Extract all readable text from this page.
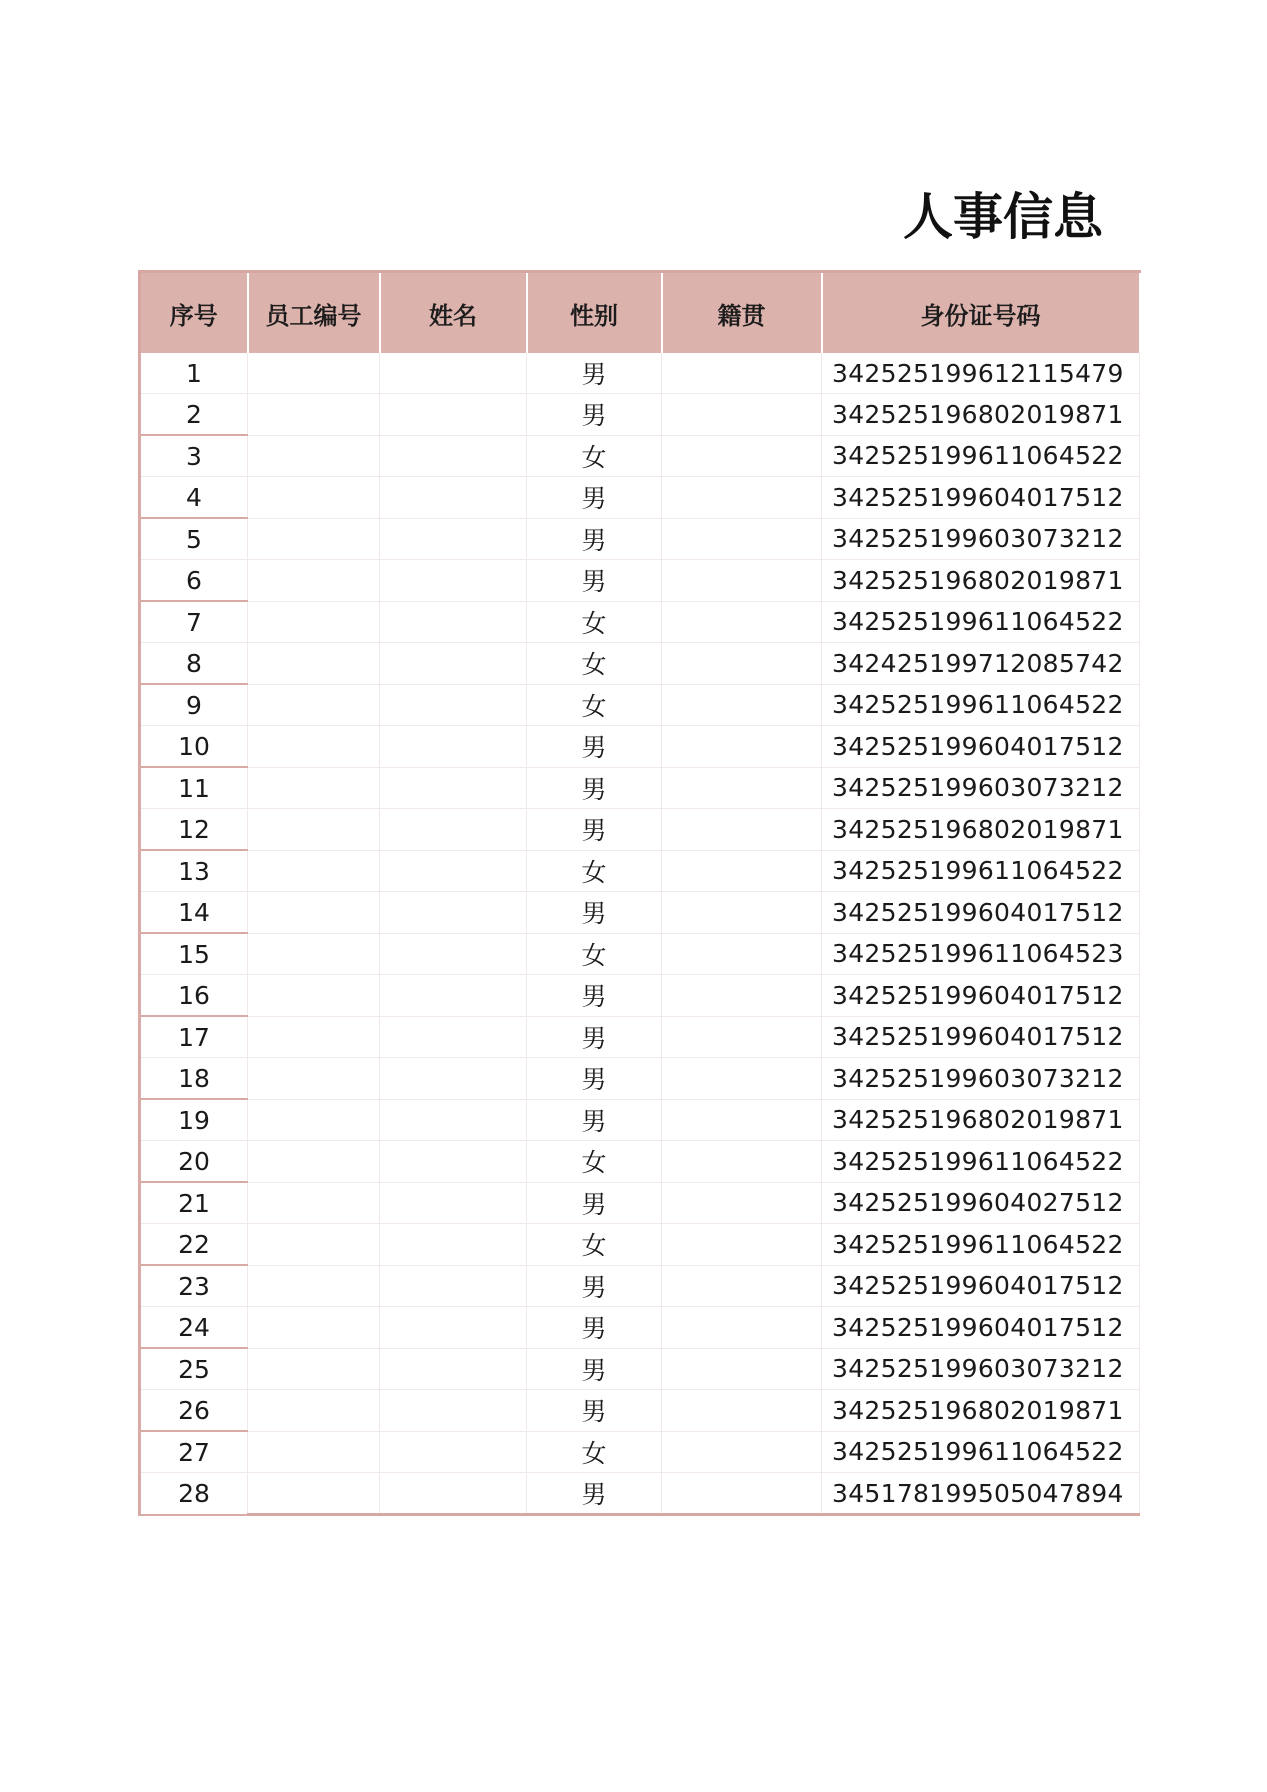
人事信息
序号	员工编号	姓名	性别	籍贯	身份证号码
1			男		342525199612115479
2			男		342525196802019871
3			女		342525199611064522
4			男		342525199604017512
5			男		342525199603073212
6			男		342525196802019871
7			女		342525199611064522
8			女		342425199712085742
9			女		342525199611064522
10			男		342525199604017512
11			男		342525199603073212
12			男		342525196802019871
13			女		342525199611064522
14			男		342525199604017512
15			女		342525199611064523
16			男		342525199604017512
17			男		342525199604017512
18			男		342525199603073212
19			男		342525196802019871
20			女		342525199611064522
21			男		342525199604027512
22			女		342525199611064522
23			男		342525199604017512
24			男		342525199604017512
25			男		342525199603073212
26			男		342525196802019871
27			女		342525199611064522
28			男		345178199505047894
